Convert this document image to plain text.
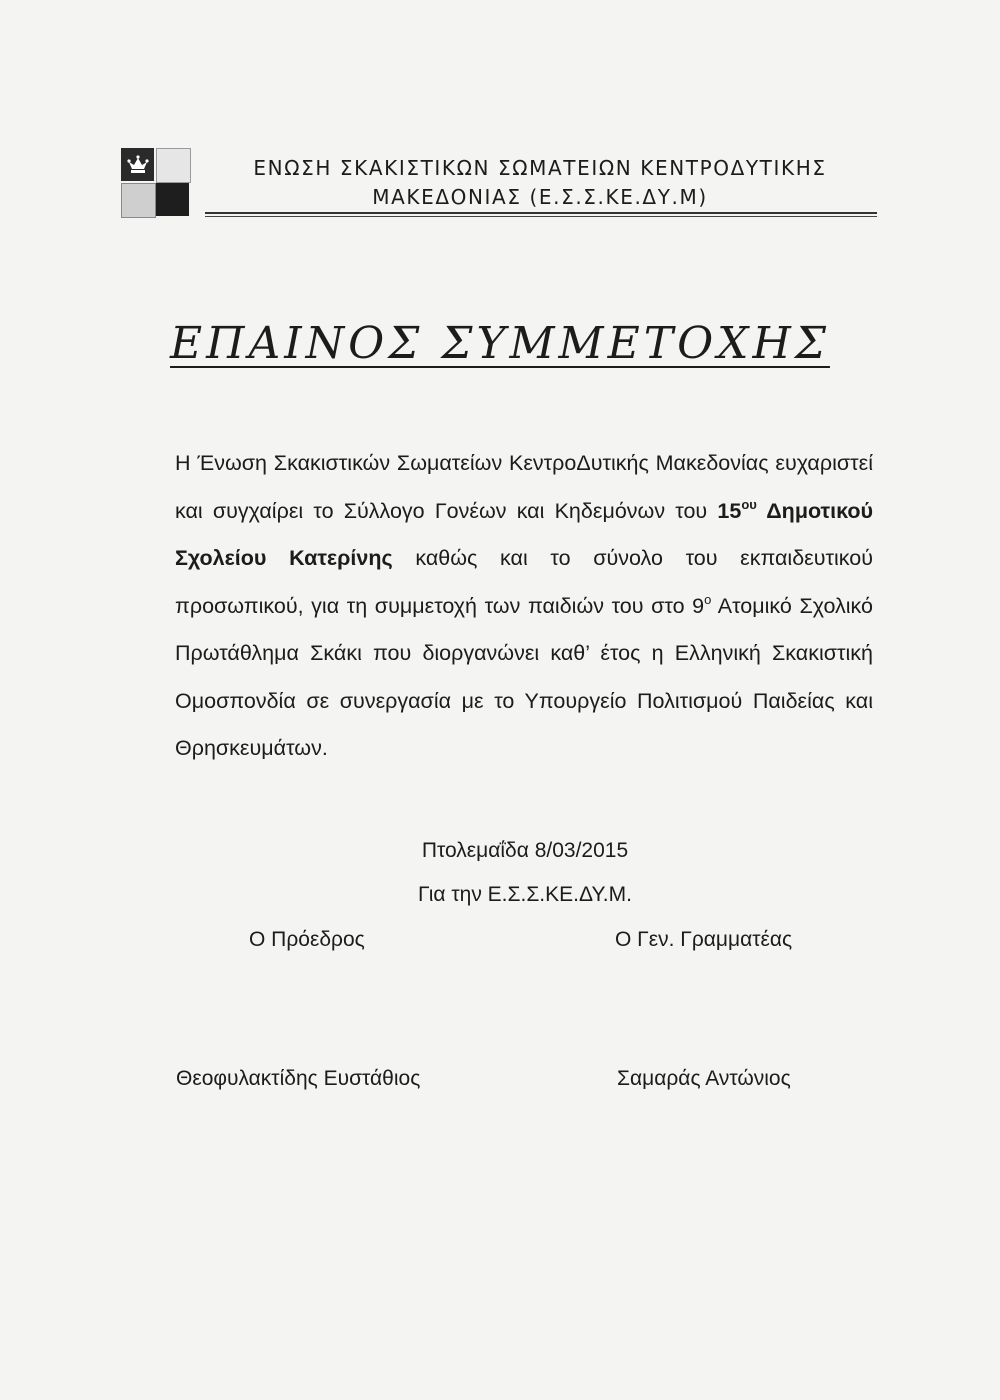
ΕΝΩΣΗ ΣΚΑΚΙΣΤΙΚΩΝ ΣΩΜΑΤΕΙΩΝ ΚΕΝΤΡΟΔΥΤΙΚΗΣ
ΜΑΚΕΔΟΝΙΑΣ (Ε.Σ.Σ.ΚΕ.ΔΥ.Μ)
ΕΠΑΙΝΟΣ ΣΥΜΜΕΤΟΧΗΣ
Η Ένωση Σκακιστικών Σωματείων ΚεντροΔυτικής Μακεδονίας ευχαριστεί και συγχαίρει το Σύλλογο Γονέων και Κηδεμόνων του $15^{o\upsilon}$ Δημοτικού Σχολείου Κατερίνης καθώς και το σύνολο του εκπαιδευτικού προσωπικού, για τη συμμετοχή των παιδιών του στο $9^o$ Ατομικό Σχολικό Πρωτάθλημα Σκάκι που διοργανώνει καθ’ έτος η Ελληνική Σκακιστική Ομοσπονδία σε συνεργασία με το Υπουργείο Πολιτισμού Παιδείας και Θρησκευμάτων.
Πτολεμαΐδα 8/03/2015
Για την Ε.Σ.Σ.ΚΕ.ΔΥ.Μ.
Ο Πρόεδρος	Ο Γεν. Γραμματέας
Θεοφυλακτίδης Ευστάθιος	Σαμαράς Αντώνιος
